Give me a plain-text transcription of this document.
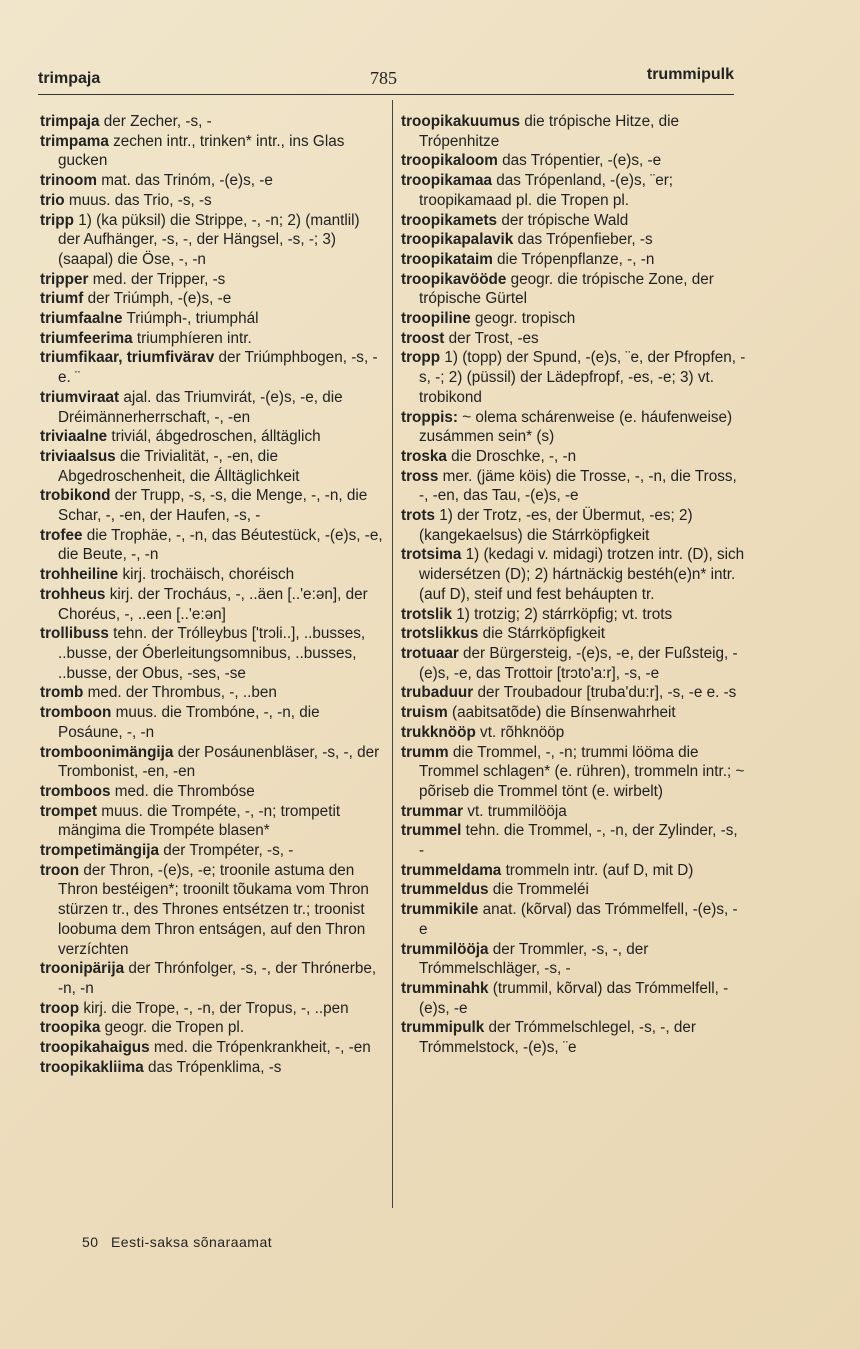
trimpaja	785	trummipulk

trimpaja der Zecher, -s, -

trimpama zechen intr., trinken* intr., ins Glas gucken

trinoom mat. das Trinóm, -(e)s, -e

trio muus. das Trio, -s, -s

tripp 1) (ka püksil) die Strippe, -, -n; 2) (mantlil) der Aufhänger, -s, -, der Hängsel, -s, -; 3) (saapal) die Öse, -, -n

tripper med. der Tripper, -s

triumf der Triúmph, -(e)s, -e

triumfaalne Triúmph-, triumphál

triumfeerima triumphíeren intr.

triumfikaar, triumfivärav der Triúmphbogen, -s, - e. ¨

triumviraat ajal. das Triumvirát, -(e)s, -e, die Dréimännerherrschaft, -, -en

triviaalne triviál, ábgedroschen, álltäglich

triviaalsus die Trivialität, -, -en, die Abgedroschenheit, die Álltäglichkeit

trobikond der Trupp, -s, -s, die Menge, -, -n, die Schar, -, -en, der Haufen, -s, -

trofee die Trophäe, -, -n, das Béutestück, -(e)s, -e, die Beute, -, -n

trohheiline kirj. trochäisch, choréisch

trohheus kirj. der Trocháus, -, ..äen [..'e:ən], der Choréus, -, ..een [..'e:ən]

trollibuss tehn. der Tróllеybus ['trɔli..], ..busses, ..busse, der Óberleitungsomnibus, ..busses, ..busse, der Obus, -ses, -se

tromb med. der Thrombus, -, ..ben

tromboon muus. die Trombóne, -, -n, die Posáune, -, -n

tromboonimängija der Posáunenbläser, -s, -, der Trombonist, -en, -en

tromboos med. die Thrombóse

trompet muus. die Trompéte, -, -n; trompetit mängima die Trompéte blasen*

trompetimängija der Trompéter, -s, -

troon der Thron, -(e)s, -e; troonile astuma den Thron bestéigen*; troonilt tõukama vom Thron stürzen tr., des Thrones entsétzen tr.; troonist loobuma dem Thron entságen, auf den Thron verzíchten

troonipärija der Thrónfolger, -s, -, der Thrónerbe, -n, -n

troop kirj. die Trope, -, -n, der Tropus, -, ..pen

troopika geogr. die Tropen pl.

troopikahaigus med. die Trópenkrankheit, -, -en

troopikakliima das Trópenklima, -s

troopikakuumus die trópische Hitze, die Trópenhitze

troopikaloom das Trópentier, -(e)s, -e

troopikamaa das Trópenland, -(e)s, ¨er; troopikamaad pl. die Tropen pl.

troopikamets der trópische Wald

troopikapalavik das Trópenfieber, -s

troopikataim die Trópenpflanze, -, -n

troopikavööde geogr. die trópische Zone, der trópische Gürtel

troopiline geogr. tropisch

troost der Trost, -es

tropp 1) (topp) der Spund, -(e)s, ¨e, der Pfropfen, -s, -; 2) (püssil) der Lädepfropf, -es, -e; 3) vt. trobikond

troppis: ~ olema schárenweise (e. háufenweise) zusámmen sein* (s)

troska die Droschke, -, -n

tross mer. (jäme köis) die Trosse, -, -n, die Tross, -, -en, das Tau, -(e)s, -e

trots 1) der Trotz, -es, der Übermut, -es; 2) (kangekaelsus) die Stárrköpfigkeit

trotsima 1) (kedagi v. midagi) trotzen intr. (D), sich widersétzen (D); 2) hártnäckig bestéh(e)n* intr. (auf D), steif und fest beháupten tr.

trotslik 1) trotzig; 2) stárrköpfig; vt. trots

trotslikkus die Stárrköpfigkeit

trotuaar der Bürgersteig, -(e)s, -e, der Fußsteig, -(e)s, -e, das Trottoir [trɔto'a:r], -s, -e

trubaduur der Troubadour [truba'du:r], -s, -e e. -s

truism (aabitsatõde) die Bínsenwahrheit

trukknööp vt. rõhknööp

trumm die Trommel, -, -n; trummi löömа die Trommel schlagen* (e. rühren), trommeln intr.; ~ põriseb die Trommel tönt (e. wirbelt)

trummar vt. trummilööja

trummel tehn. die Trommel, -, -n, der Zylinder, -s, -

trummeldama trommeln intr. (auf D, mit D)

trummeldus die Trommeléi

trummikile anat. (kõrval) das Trómmelfell, -(e)s, -e

trummilööja der Trommler, -s, -, der Trómmelschläger, -s, -

trumminahk (trummil, kõrval) das Trómmelfell, -(e)s, -e

trummipulk der Trómmelschlegel, -s, -, der Trómmelstock, -(e)s, ¨e

50 Eesti-saksa sõnaraamat
